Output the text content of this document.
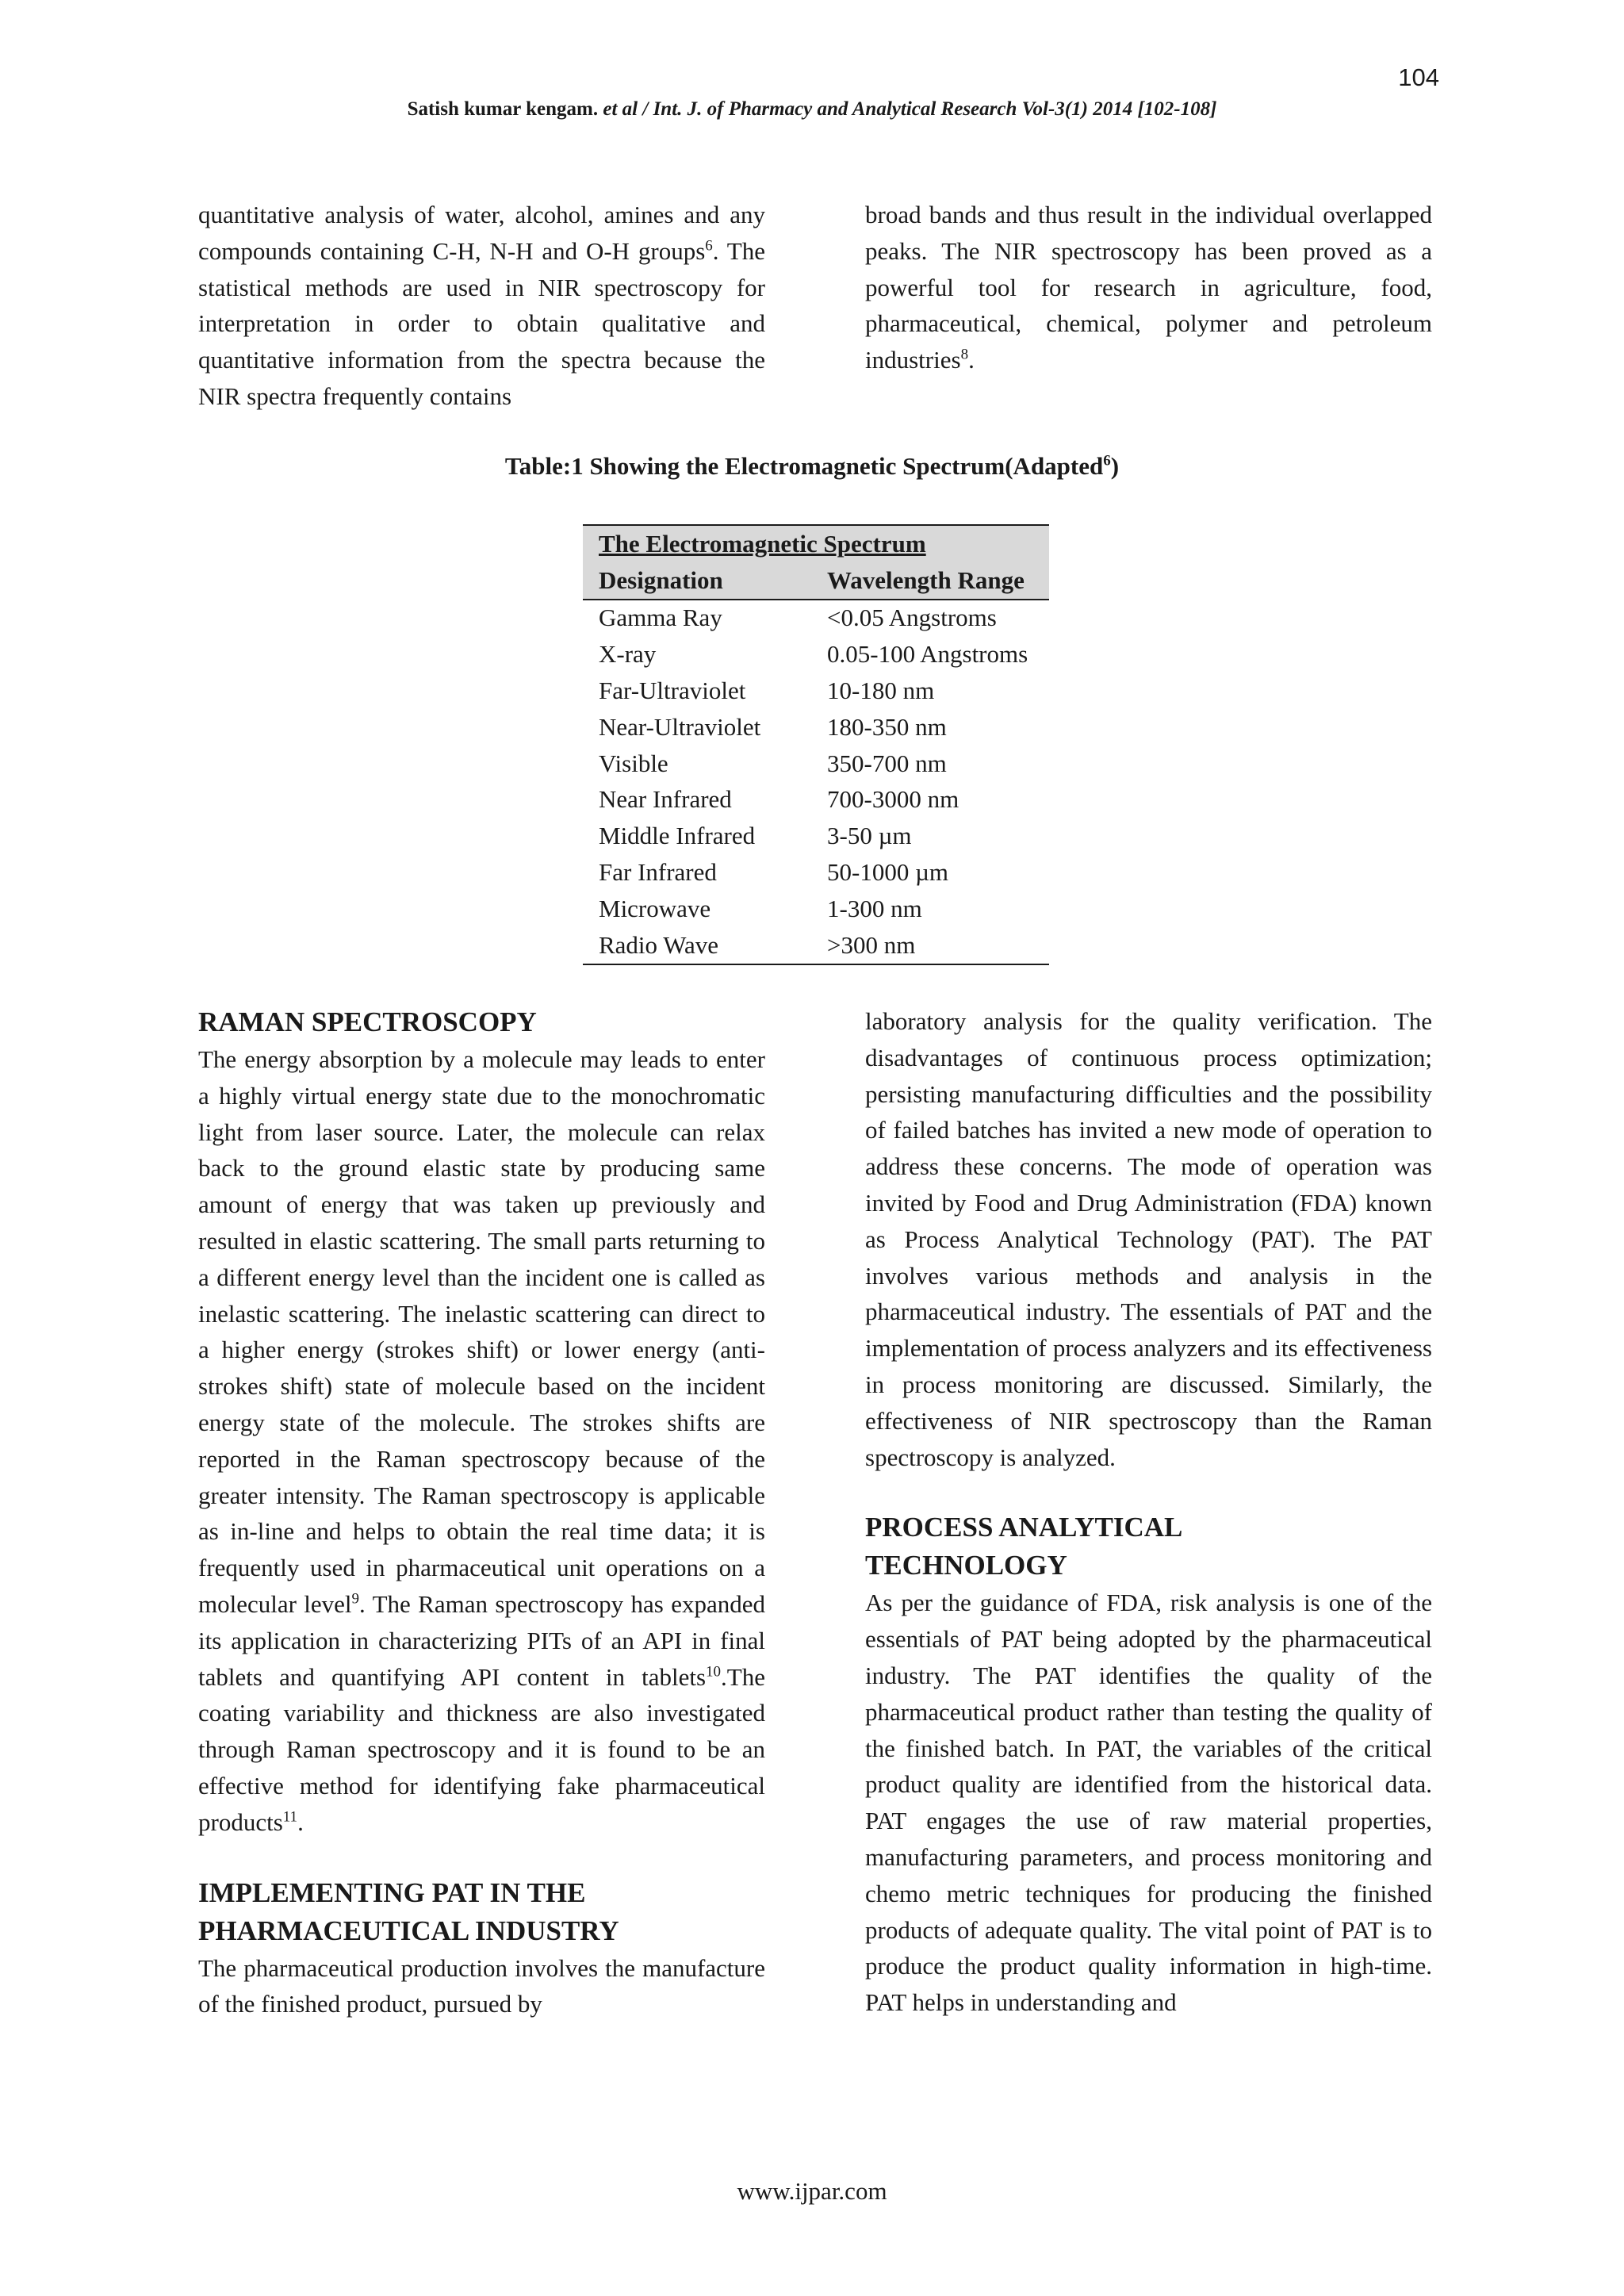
104
Satish kumar kengam. et al / Int. J. of Pharmacy and Analytical Research Vol-3(1) 2014 [102-108]

quantitative analysis of water, alcohol, amines and any compounds containing C-H, N-H and O-H groups$^6$. The statistical methods are used in NIR spectroscopy for interpretation in order to obtain qualitative and quantitative information from the spectra because the NIR spectra frequently contains

broad bands and thus result in the individual overlapped peaks. The NIR spectroscopy has been proved as a powerful tool for research in agriculture, food, pharmaceutical, chemical, polymer and petroleum industries$^8$.

Table:1 Showing the Electromagnetic Spectrum(Adapted$^6$)
The Electromagnetic Spectrum	
Designation	Wavelength Range
Gamma Ray	<0.05 Angstroms
X-ray	0.05-100 Angstroms
Far-Ultraviolet	10-180 nm
Near-Ultraviolet	180-350 nm
Visible	350-700 nm
Near Infrared	700-3000 nm
Middle Infrared	3-50 µm
Far Infrared	50-1000 µm
Microwave	1-300 nm
Radio Wave	>300 nm
RAMAN SPECTROSCOPY

The energy absorption by a molecule may leads to enter a highly virtual energy state due to the monochromatic light from laser source. Later, the molecule can relax back to the ground elastic state by producing same amount of energy that was taken up previously and resulted in elastic scattering. The small parts returning to a different energy level than the incident one is called as inelastic scattering. The inelastic scattering can direct to a higher energy (strokes shift) or lower energy (anti-strokes shift) state of molecule based on the incident energy state of the molecule. The strokes shifts are reported in the Raman spectroscopy because of the greater intensity. The Raman spectroscopy is applicable as in-line and helps to obtain the real time data; it is frequently used in pharmaceutical unit operations on a molecular level$^9$. The Raman spectroscopy has expanded its application in characterizing PITs of an API in final tablets and quantifying API content in tablets$^{10}$.The coating variability and thickness are also investigated through Raman spectroscopy and it is found to be an effective method for identifying fake pharmaceutical products$^{11}$.

IMPLEMENTING PAT IN THE
PHARMACEUTICAL INDUSTRY

The pharmaceutical production involves the manufacture of the finished product, pursued by

laboratory analysis for the quality verification. The disadvantages of continuous process optimization; persisting manufacturing difficulties and the possibility of failed batches has invited a new mode of operation to address these concerns. The mode of operation was invited by Food and Drug Administration (FDA) known as Process Analytical Technology (PAT). The PAT involves various methods and analysis in the pharmaceutical industry. The essentials of PAT and the implementation of process analyzers and its effectiveness in process monitoring are discussed. Similarly, the effectiveness of NIR spectroscopy than the Raman spectroscopy is analyzed.

PROCESS ANALYTICAL
TECHNOLOGY

As per the guidance of FDA, risk analysis is one of the essentials of PAT being adopted by the pharmaceutical industry. The PAT identifies the quality of the pharmaceutical product rather than testing the quality of the finished batch. In PAT, the variables of the critical product quality are identified from the historical data. PAT engages the use of raw material properties, manufacturing parameters, and process monitoring and chemo metric techniques for producing the finished products of adequate quality. The vital point of PAT is to produce the product quality information in high-time. PAT helps in understanding and

www.ijpar.com
